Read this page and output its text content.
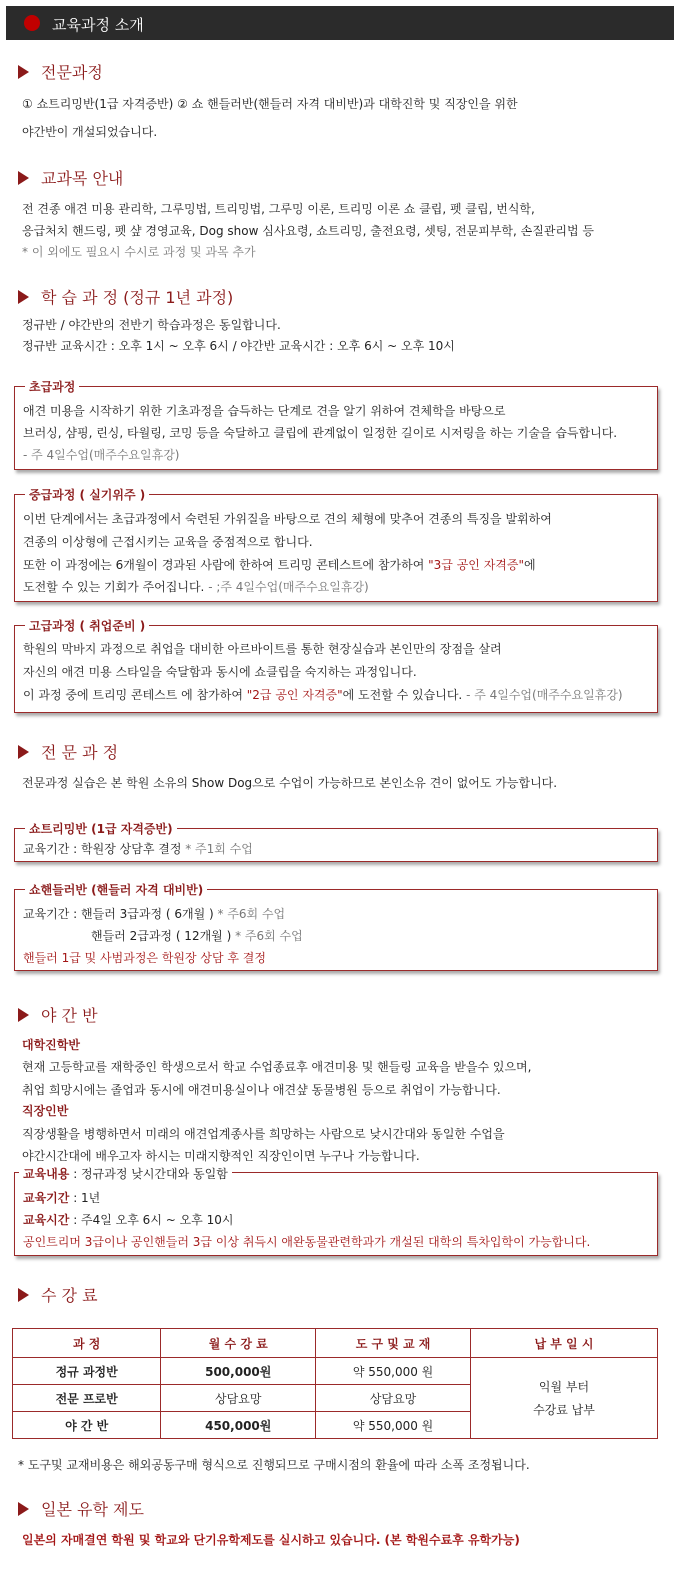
교육과정 소개
전문과정
① 쇼트리밍반(1급 자격증반) ② 쇼 핸들러반(핸들러 자격 대비반)과 대학진학 및 직장인을 위한
야간반이 개설되었습니다.
교과목 안내
전 견종 애견 미용 관리학, 그루밍법, 트리밍법, 그루밍 이론, 트리밍 이론 쇼 클립, 펫 클립, 번식학,
응급처치 핸드링, 펫 샾 경영교육, Dog show 심사요령, 쇼트리밍, 출전요령, 셋팅, 전문피부학, 손질관리법 등
* 이 외에도 필요시 수시로 과정 및 과목 추가
학 습 과 정 (정규 1년 과정)
정규반 / 야간반의 전반기 학습과정은 동일합니다.
정규반 교육시간 : 오후 1시 ~ 오후 6시 / 야간반 교육시간 : 오후 6시 ~ 오후 10시
초급과정
애견 미용을 시작하기 위한 기초과정을 습득하는 단계로 견을 알기 위하여 견체학을 바탕으로
브러싱, 샴핑, 린싱, 타월링, 코밍 등을 숙달하고 클립에 관계없이 일정한 길이로 시저링을 하는 기술을 습득합니다.
- 주 4일수업(매주수요일휴강)
중급과정 ( 실기위주 )
이번 단계에서는 초급과정에서 숙련된 가위질을 바탕으로 견의 체형에 맞추어 견종의 특징을 발휘하여
견종의 이상형에 근접시키는 교육을 중점적으로 합니다.
또한 이 과정에는 6개월이 경과된 사람에 한하여 트리밍 콘테스트에 참가하여 "3급 공인 자격증"에
도전할 수 있는 기회가 주어집니다. - ;주 4일수업(매주수요일휴강)
고급과정 ( 취업준비 )
학원의 막바지 과정으로 취업을 대비한 아르바이트를 통한 현장실습과 본인만의 장점을 살려
자신의 애견 미용 스타일을 숙달함과 동시에 쇼클립을 숙지하는 과정입니다.
이 과정 중에 트리밍 콘테스트 에 참가하여 "2급 공인 자격증"에 도전할 수 있습니다. - 주 4일수업(매주수요일휴강)
전 문 과 정
전문과정 실습은 본 학원 소유의 Show Dog으로 수업이 가능하므로 본인소유 견이 없어도 가능합니다.
쇼트리밍반 (1급 자격증반)
교육기간 : 학원장 상담후 결정 * 주1회 수업
쇼핸들러반 (핸들러 자격 대비반)
교육기간 : 핸들러 3급과정 ( 6개월 ) * 주6회 수업
핸들러 2급과정 ( 12개월 ) * 주6회 수업
핸들러 1급 및 사범과정은 학원장 상담 후 결정
야 간 반
대학진학반
현재 고등학교를 재학중인 학생으로서 학교 수업종료후 애견미용 및 핸들링 교육을 받을수 있으며,
취업 희망시에는 졸업과 동시에 애견미용실이나 애견샾 동물병원 등으로 취업이 가능합니다.
직장인반
직장생활을 병행하면서 미래의 애견업계종사를 희망하는 사람으로 낮시간대와 동일한 수업을
야간시간대에 배우고자 하시는 미래지향적인 직장인이면 누구나 가능합니다.
교육내용 : 정규과정 낮시간대와 동일함
교육기간 : 1년
교육시간 : 주4일 오후 6시 ~ 오후 10시
공인트리머 3급이나 공인핸들러 3급 이상 취득시 애완동물관련학과가 개설된 대학의 특차입학이 가능합니다.
수 강 료
과 정	월 수 강 료	도 구 및 교 재	납 부 일 시
정규 과정반	500,000원	약 550,000 원	익월 부터
수강료 납부

전문 프로반	상담요망	상담요망	
야 간 반	450,000원	약 550,000 원	
* 도구및 교재비용은 해외공동구매 형식으로 진행되므로 구매시점의 환율에 따라 소폭 조정됩니다.
일본 유학 제도
일본의 자매결연 학원 및 학교와 단기유학제도를 실시하고 있습니다. (본 학원수료후 유학가능)
